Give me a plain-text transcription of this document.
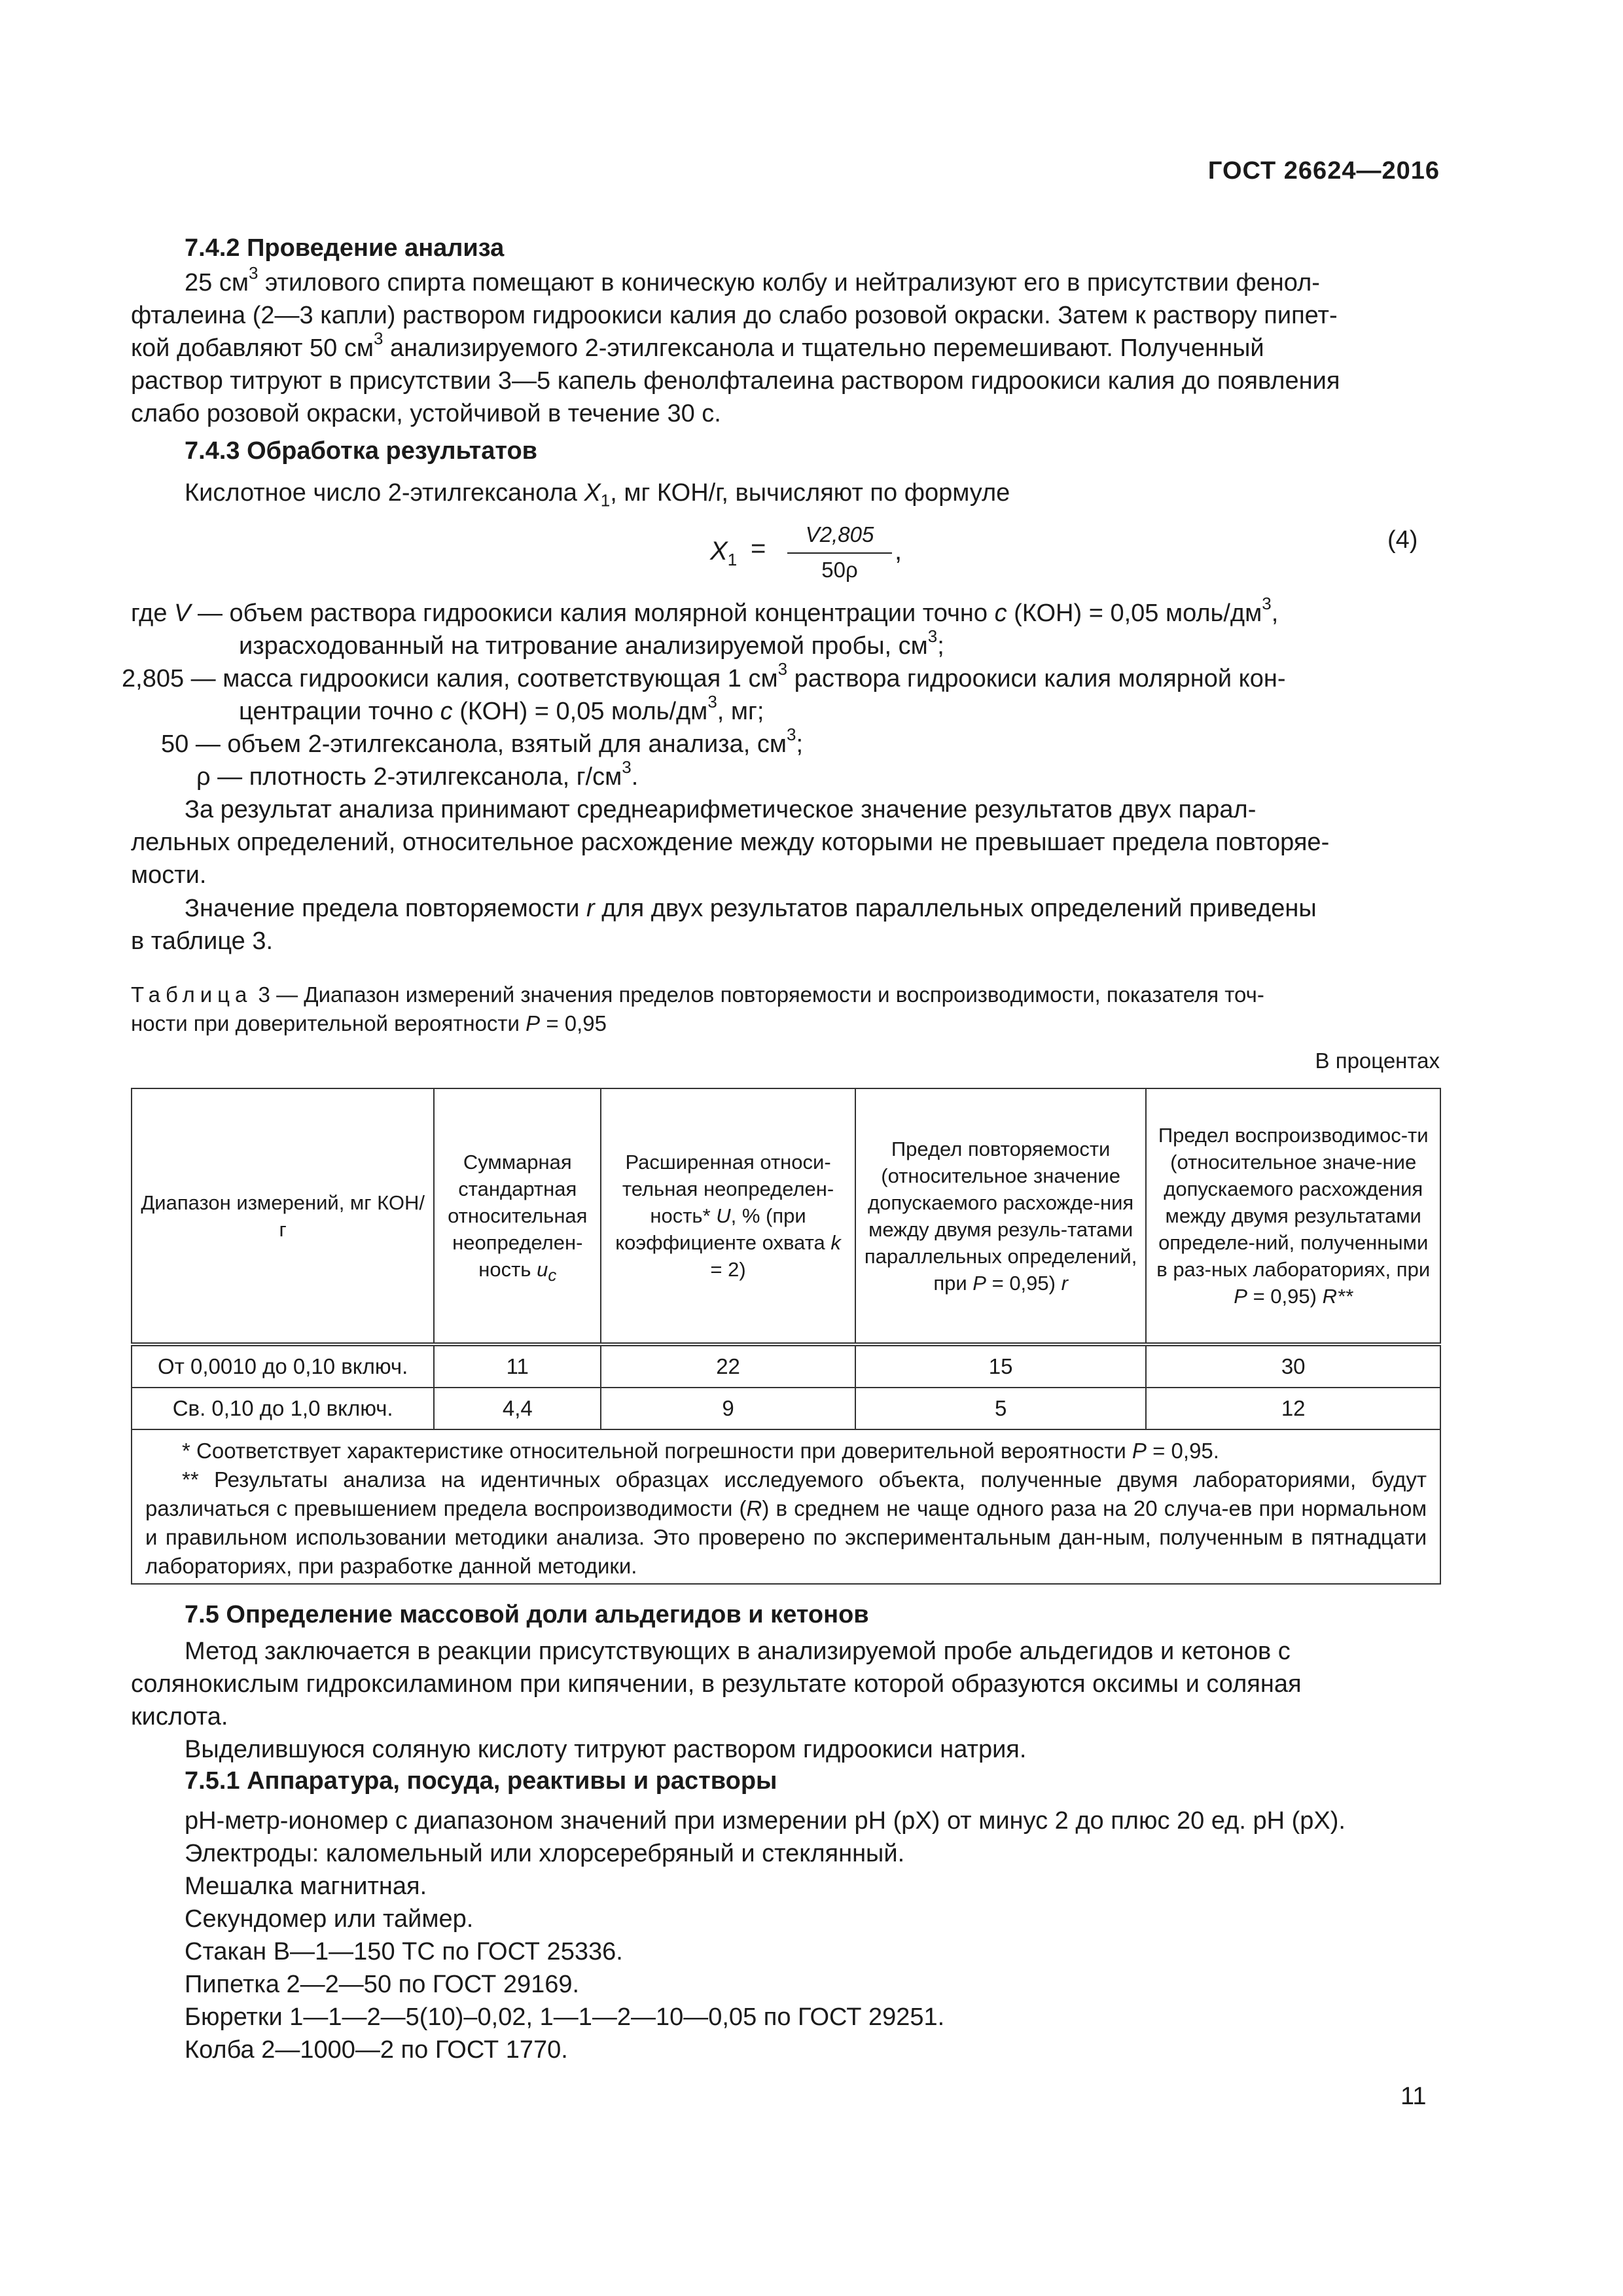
ГОСТ 26624—2016
7.4.2 Проведение анализа
25 $см^3$ этилового спирта помещают в коническую колбу и нейтрализуют его в присутствии фенол-
фталеина (2—3 капли) раствором гидроокиси калия до слабо розовой окраски. Затем к раствору пипет-
кой добавляют 50 $см^3$ анализируемого 2-этилгексанола и тщательно перемешивают. Полученный
раствор титруют в присутствии 3—5 капель фенолфталеина раствором гидроокиси калия до появления
слабо розовой окраски, устойчивой в течение 30 с.
7.4.3 Обработка результатов
Кислотное число 2-этилгексанола $X_1$, мг КОН/г, вычисляют по формуле
$X_1$ =	V2,805
50ρ
,	(4)
где V — объем раствора гидроокиси калия молярной концентрации точно c (КОН) = 0,05 моль/$дм^3$,
израсходованный на титрование анализируемой пробы, $см^3$;
2,805 — масса гидроокиси калия, соответствующая 1 $см^3$ раствора гидроокиси калия молярной кон-
центрации точно c (КОН) = 0,05 моль/$дм^3$, мг;
50 — объем 2-этилгексанола, взятый для анализа, $см^3$;
ρ — плотность 2-этилгексанола, $г/см^3$.
За результат анализа принимают среднеарифметическое значение результатов двух парал-
лельных определений, относительное расхождение между которыми не превышает предела повторяе-
мости.
Значение предела повторяемости r для двух результатов параллельных определений приведены
в таблице 3.
Таблица 3 — Диапазон измерений значения пределов повторяемости и воспроизводимости, показателя точ-
ности при доверительной вероятности P = 0,95
В процентах
Диапазон измерений, мг КОН/г	Суммарная стандартная относительная неопределен-ность $u_c$	Расширенная относи-тельная неопределен-ность* U, % (при коэффициенте охвата k = 2)	Предел повторяемости (относительное значение допускаемого расхожде-ния между двумя резуль-татами параллельных определений, при P = 0,95) r	Предел воспроизводимос-ти (относительное значе-ние допускаемого расхождения между двумя результатами определе-ний, полученными в раз-ных лабораториях, при P = 0,95) R**
От 0,0010 до 0,10 включ.	11	22	15	30
Св. 0,10 до 1,0 включ.	4,4	9	5	12

* Соответствует характеристике относительной погрешности при доверительной вероятности P = 0,95.
** Результаты анализа на идентичных образцах исследуемого объекта, полученные двумя лабораториями, будут различаться с превышением предела воспроизводимости (R) в среднем не чаще одного раза на 20 случа-ев при нормальном и правильном использовании методики анализа. Это проверено по экспериментальным дан-ным, полученным в пятнадцати лабораториях, при разработке данной методики.				
7.5 Определение массовой доли альдегидов и кетонов
Метод заключается в реакции присутствующих в анализируемой пробе альдегидов и кетонов с
солянокислым гидроксиламином при кипячении, в результате которой образуются оксимы и соляная
кислота.
Выделившуюся соляную кислоту титруют раствором гидроокиси натрия.
7.5.1 Аппаратура, посуда, реактивы и растворы
pH-метр-иономер с диапазоном значений при измерении pH (pX) от минус 2 до плюс 20 ед. pH (pX).
Электроды: каломельный или хлорсеребряный и стеклянный.
Мешалка магнитная.
Секундомер или таймер.
Стакан В—1—150 ТС по ГОСТ 25336.
Пипетка 2—2—50 по ГОСТ 29169.
Бюретки 1—1—2—5(10)–0,02, 1—1—2—10—0,05 по ГОСТ 29251.
Колба 2—1000—2 по ГОСТ 1770.
11
